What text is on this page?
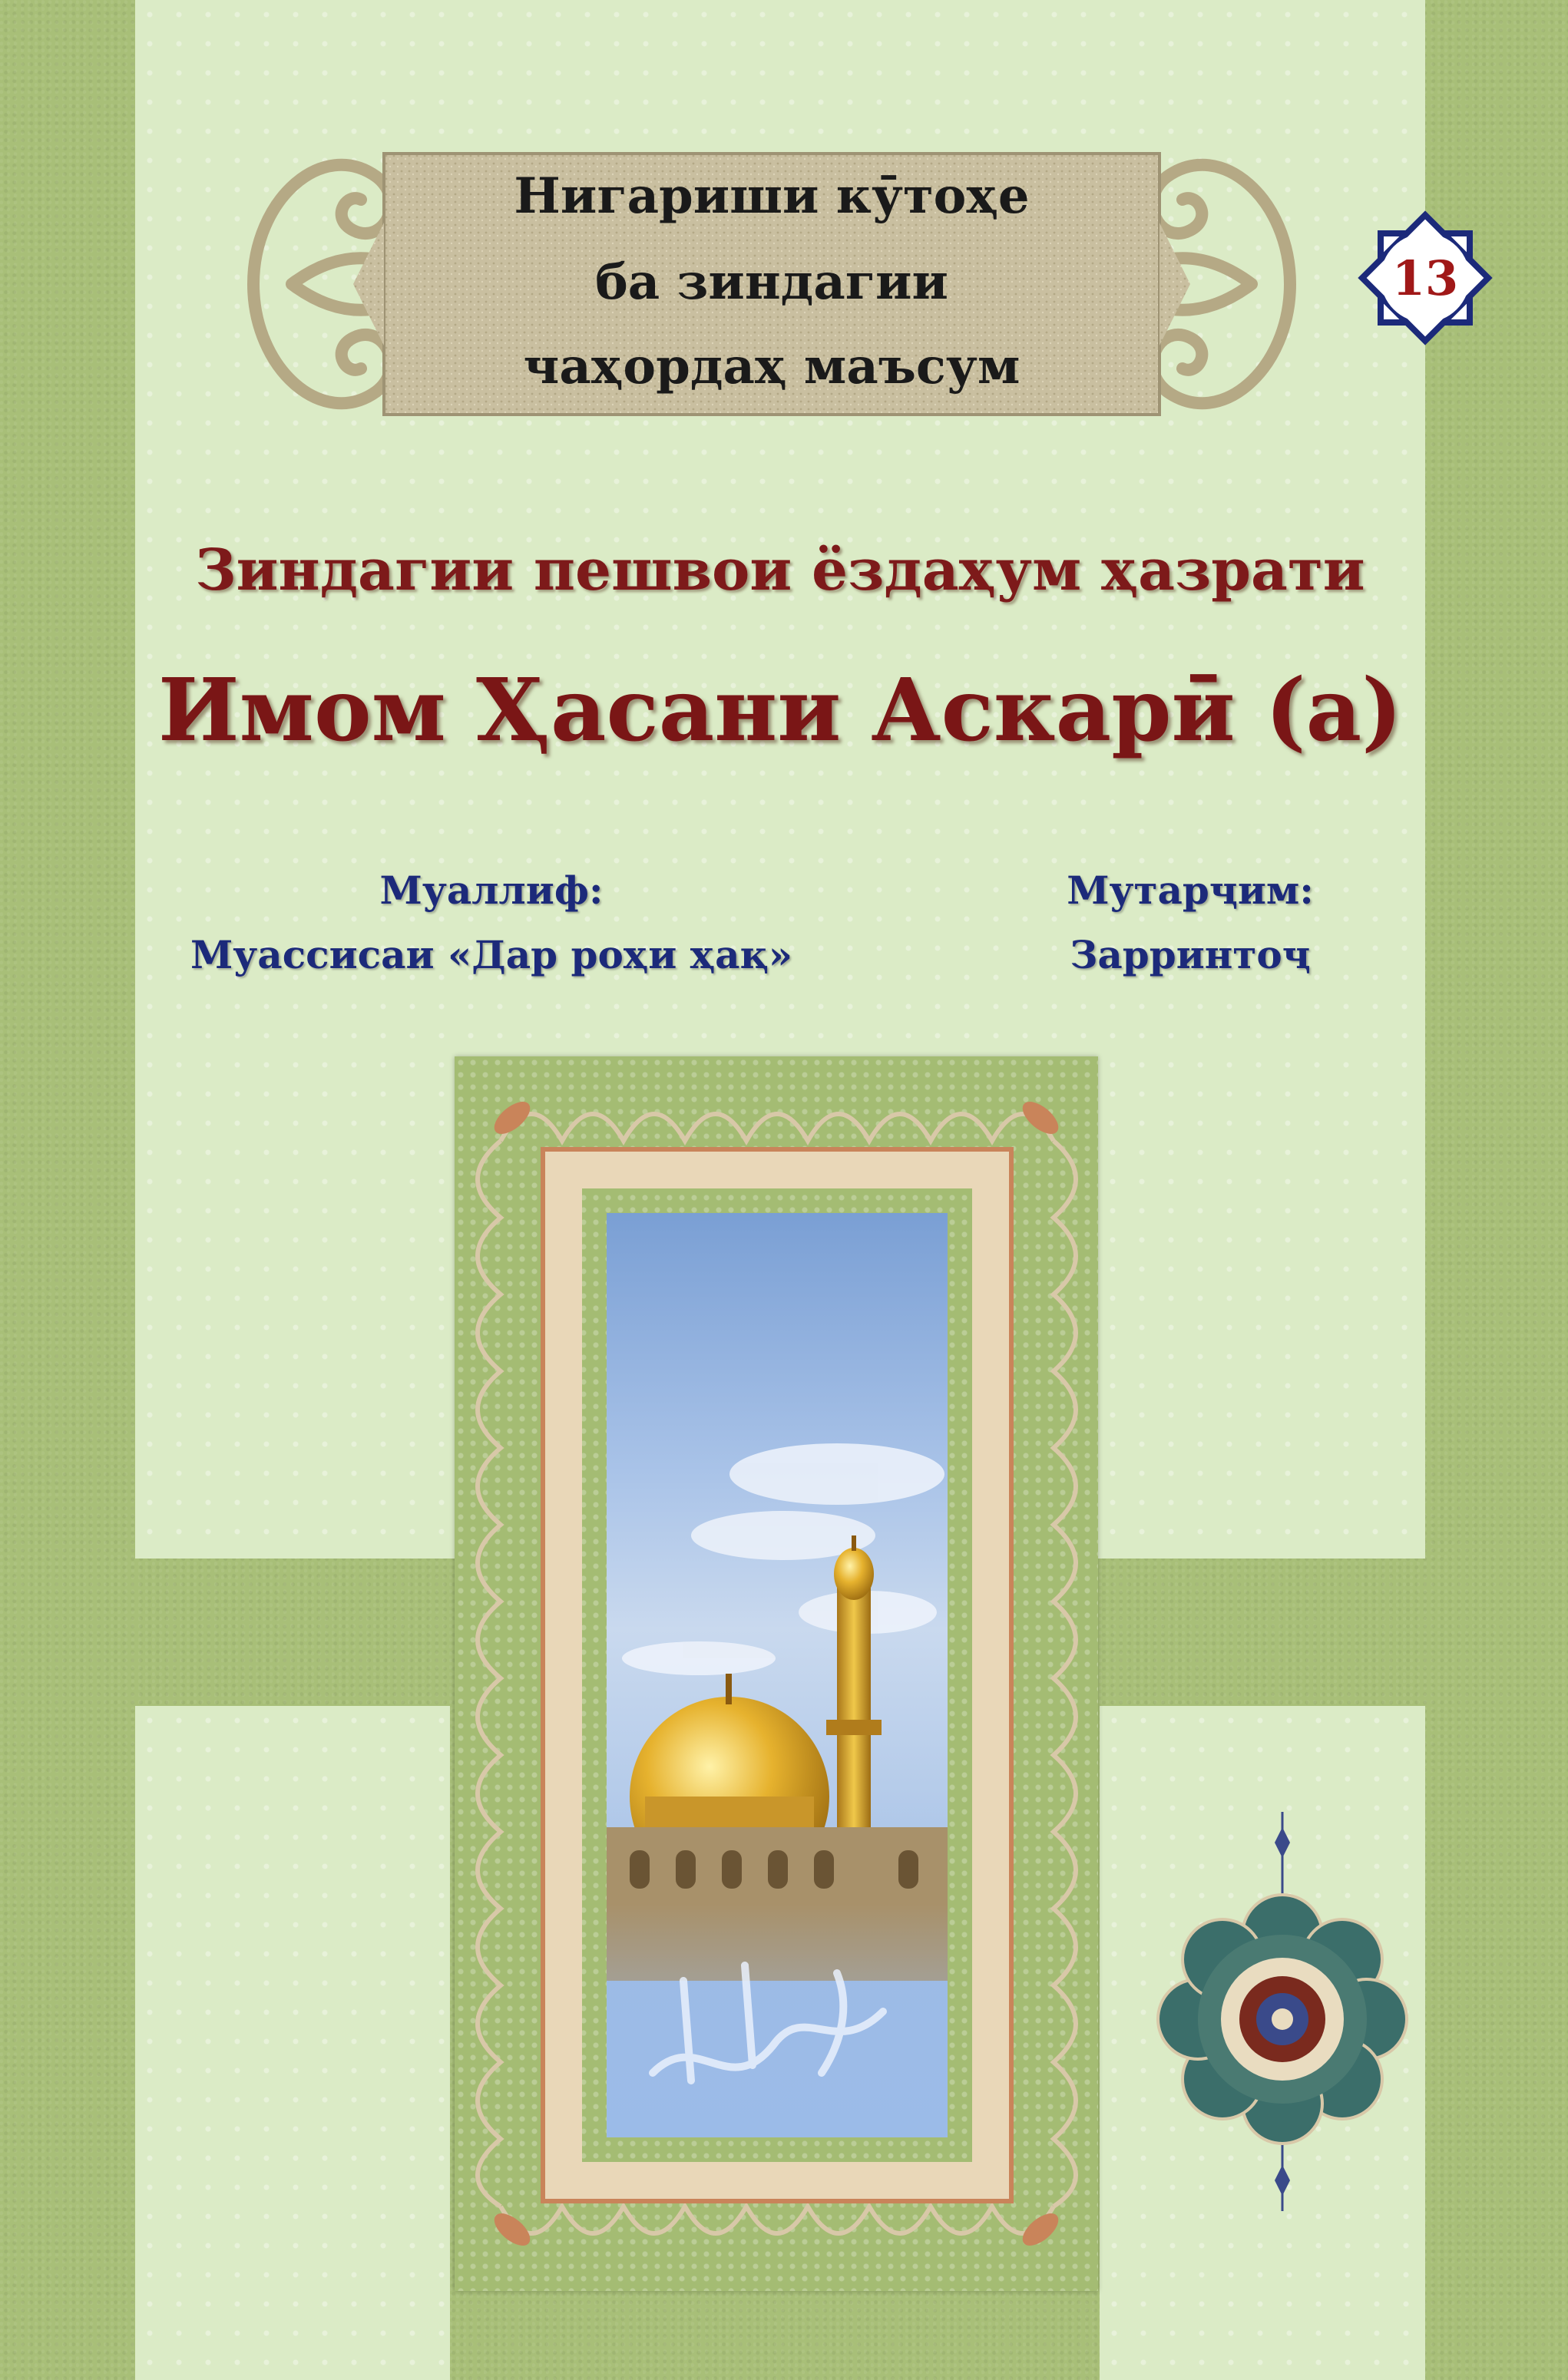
Нигариши кӯтоҳе
ба зиндагии
чаҳордаҳ маъсум
13
Зиндагии пешвои ёздаҳум ҳазрати
Имом Ҳасани Аскарӣ (а)
Муаллиф:
Муассисаи «Дар роҳи ҳақ»
Мутарҷим:
Зарринтоҷ
